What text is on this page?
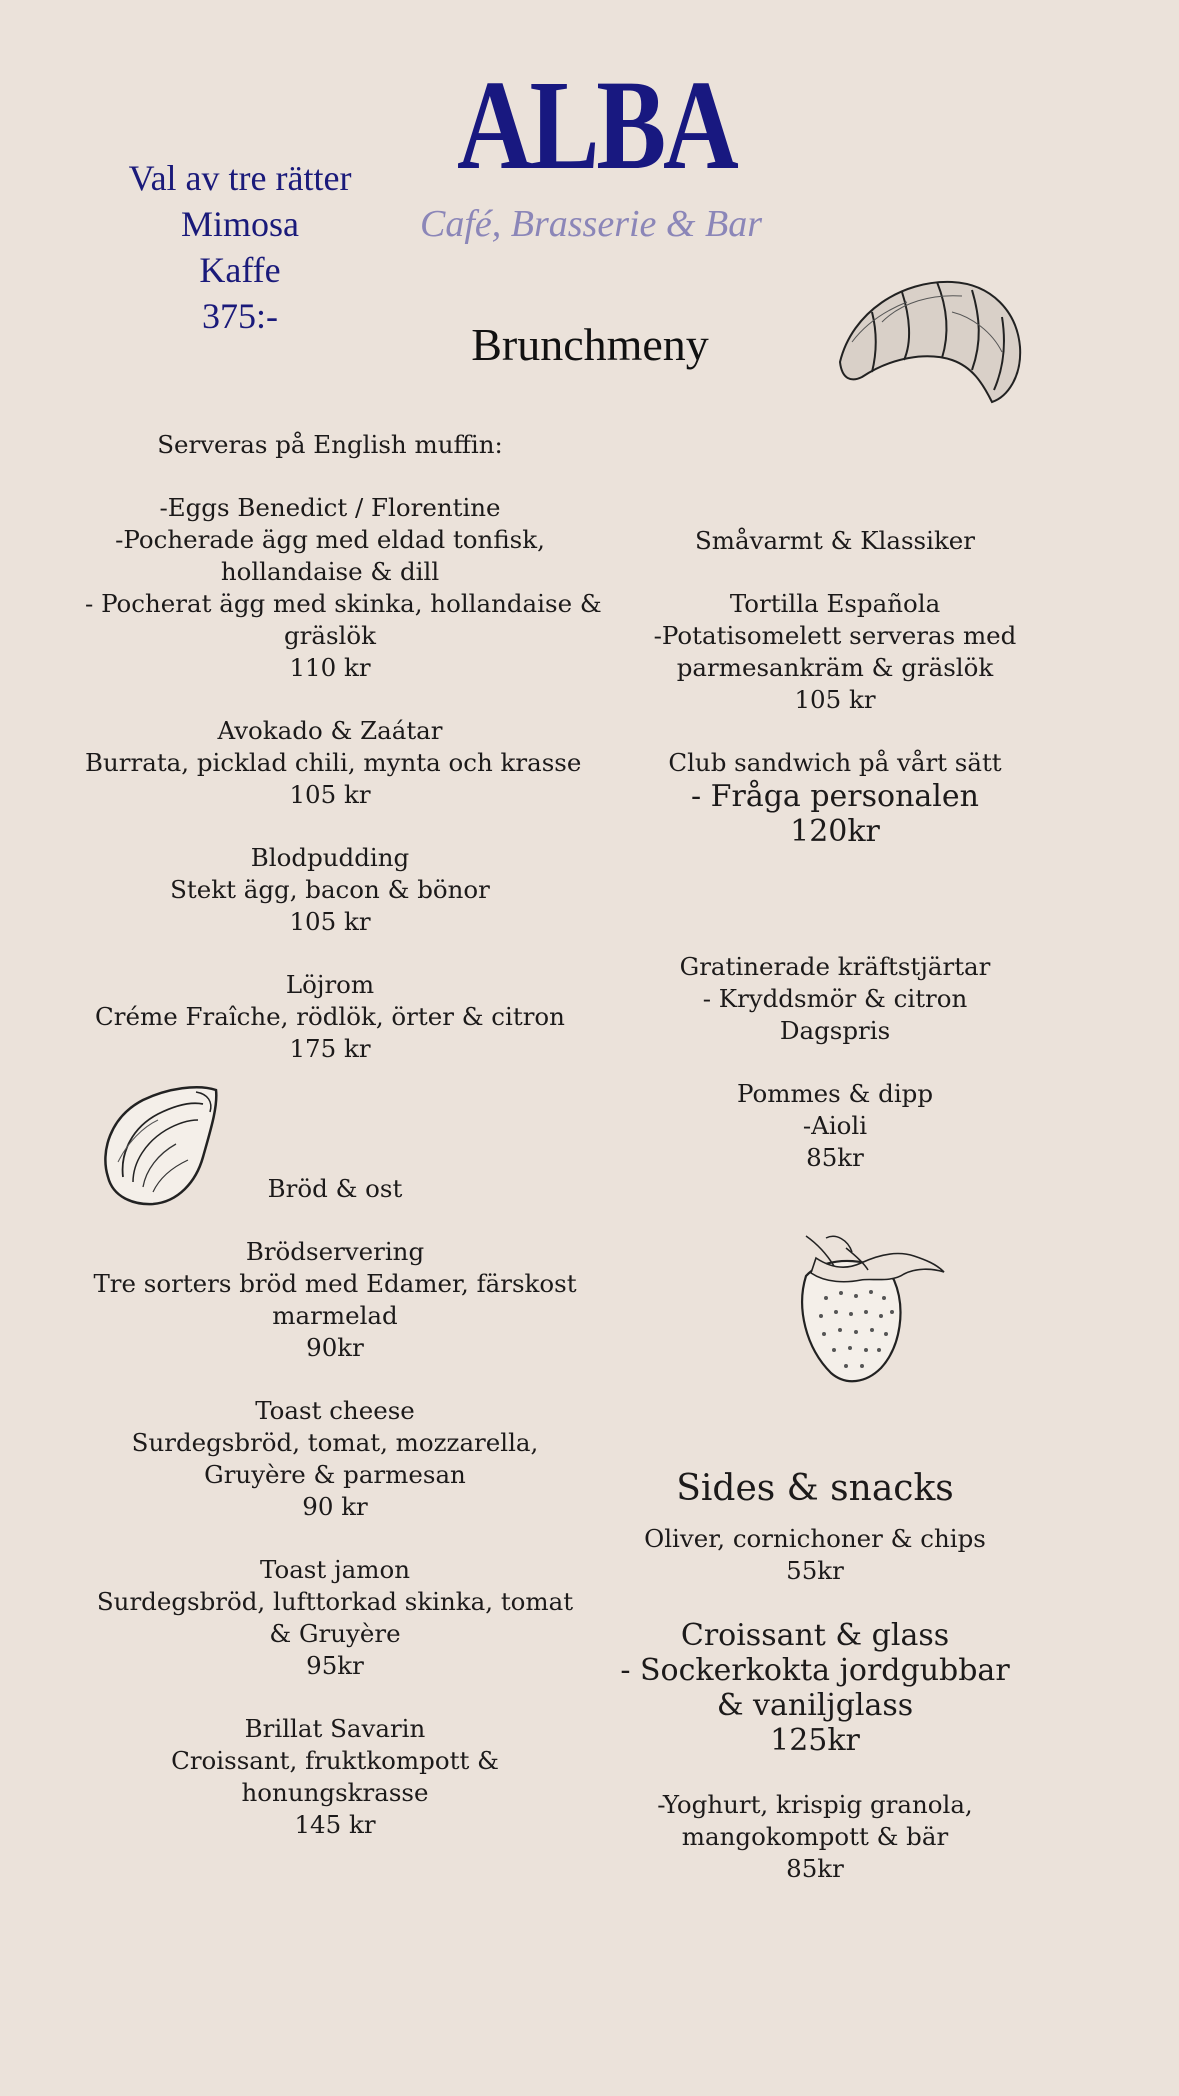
Val av tre rätter
Mimosa
Kaffe
375:-
ALBA
Café, Brasserie & Bar
Brunchmeny
Serveras på English muffin:
-Eggs Benedict / Florentine
-Pocherade ägg med eldad tonfisk,
hollandaise & dill
- Pocherat ägg med skinka, hollandaise &
gräslök
110 kr
Avokado & Zaátar
Burrata, picklad chili, mynta och krasse
105 kr
Blodpudding
Stekt ägg, bacon & bönor
105 kr
Löjrom
Créme Fraîche, rödlök, örter & citron
175 kr
Bröd & ost
Brödservering
Tre sorters bröd med Edamer, färskost
marmelad
90kr
Toast cheese
Surdegsbröd, tomat, mozzarella,
Gruyère & parmesan
90 kr
Toast jamon
Surdegsbröd, lufttorkad skinka, tomat
& Gruyère
95kr
Brillat Savarin
Croissant, fruktkompott &
honungskrasse
145 kr
Småvarmt & Klassiker
Tortilla Española
-Potatisomelett serveras med
parmesankräm & gräslök
105 kr
Club sandwich på vårt sätt
- Fråga personalen
120kr
Gratinerade kräftstjärtar
- Kryddsmör & citron
Dagspris
Pommes & dipp
-Aioli
85kr
Sides & snacks
Oliver, cornichoner & chips
55kr
Croissant & glass
- Sockerkokta jordgubbar
& vaniljglass
125kr
-Yoghurt, krispig granola,
mangokompott & bär
85kr
